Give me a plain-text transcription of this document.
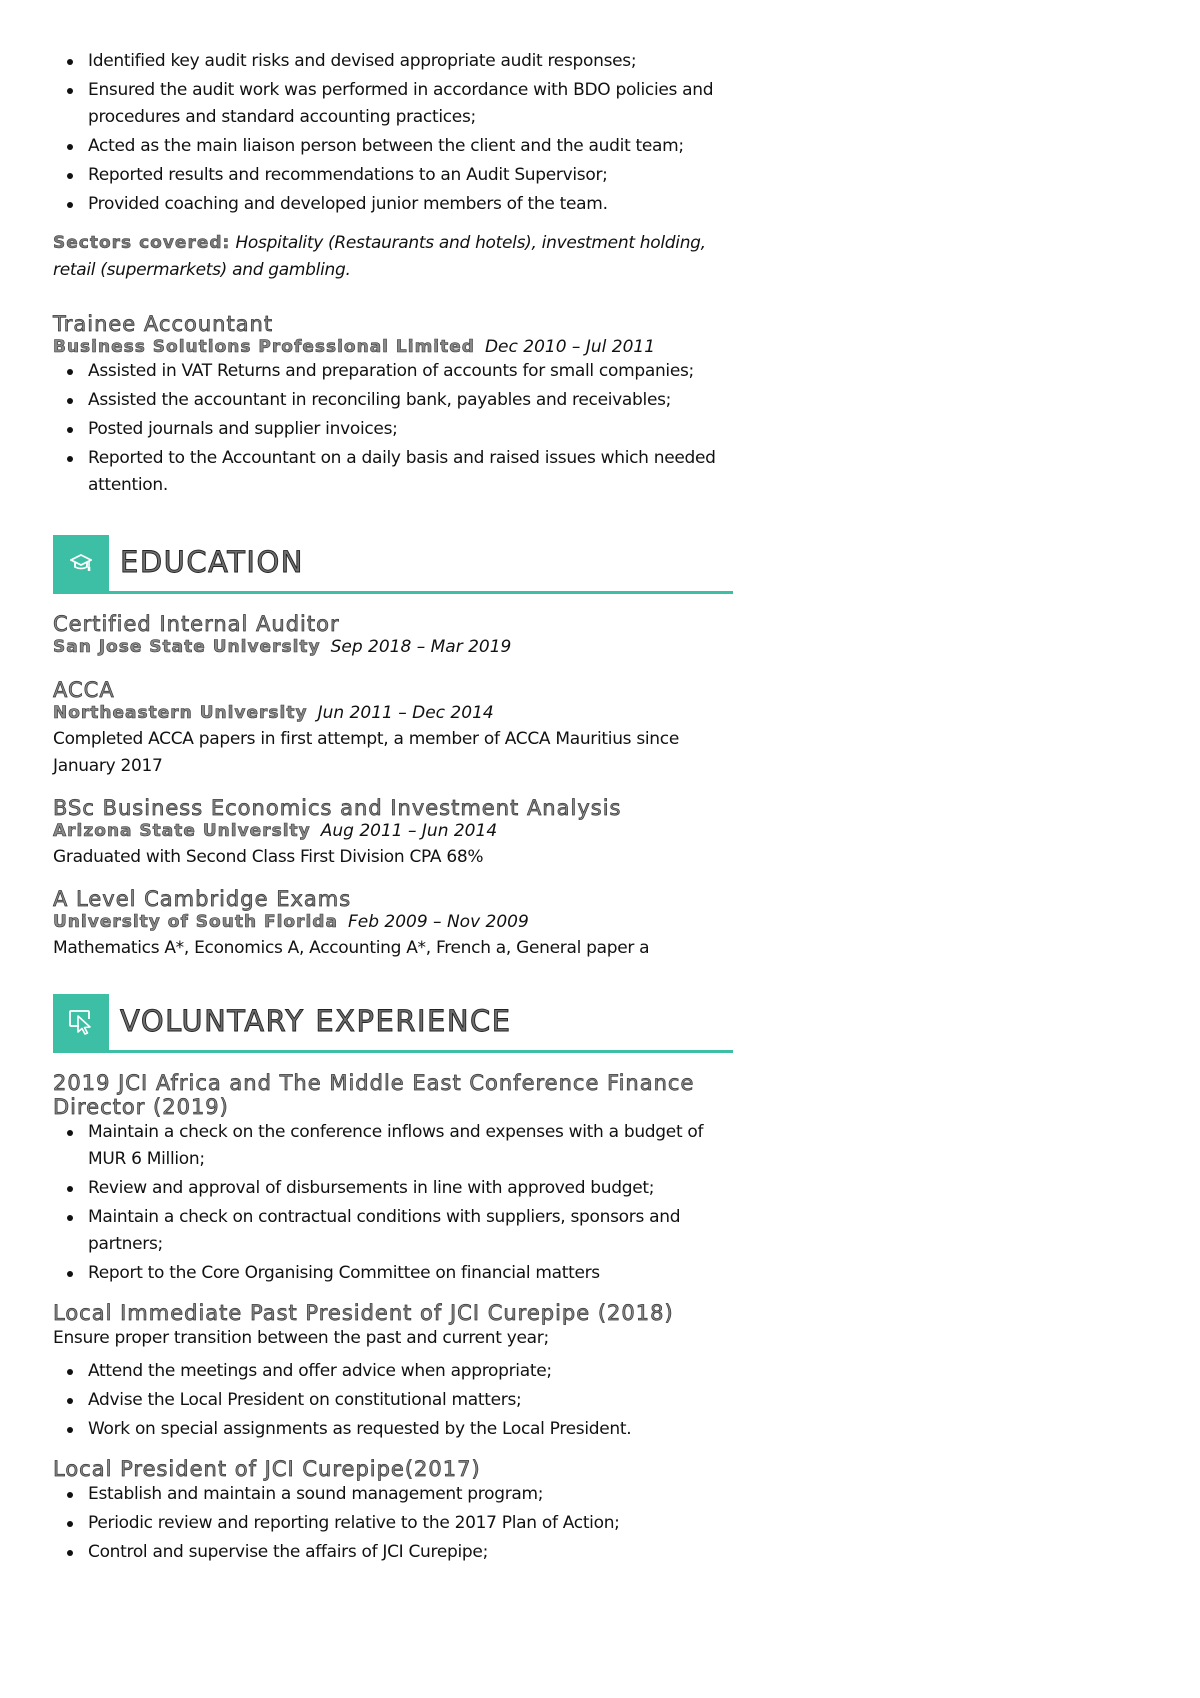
Identified key audit risks and devised appropriate audit responses;
Ensured the audit work was performed in accordance with BDO policies and procedures and standard accounting practices;
Acted as the main liaison person between the client and the audit team;
Reported results and recommendations to an Audit Supervisor;
Provided coaching and developed junior members of the team.
Sectors covered: Hospitality (Restaurants and hotels), investment holding, retail (supermarkets) and gambling.
Trainee Accountant
Business Solutions Professional Limited Dec 2010 – Jul 2011
Assisted in VAT Returns and preparation of accounts for small companies;
Assisted the accountant in reconciling bank, payables and receivables;
Posted journals and supplier invoices;
Reported to the Accountant on a daily basis and raised issues which needed attention.
EDUCATION
Certified Internal Auditor
San Jose State University Sep 2018 – Mar 2019
ACCA
Northeastern University Jun 2011 – Dec 2014
Completed ACCA papers in first attempt, a member of ACCA Mauritius since January 2017
BSc Business Economics and Investment Analysis
Arizona State University Aug 2011 – Jun 2014
Graduated with Second Class First Division CPA 68%
A Level Cambridge Exams
University of South Florida Feb 2009 – Nov 2009
Mathematics A*, Economics A, Accounting A*, French a, General paper a
VOLUNTARY EXPERIENCE
2019 JCI Africa and The Middle East Conference Finance Director (2019)
Maintain a check on the conference inflows and expenses with a budget of MUR 6 Million;
Review and approval of disbursements in line with approved budget;
Maintain a check on contractual conditions with suppliers, sponsors and partners;
Report to the Core Organising Committee on financial matters
Local Immediate Past President of JCI Curepipe (2018)
Ensure proper transition between the past and current year;
Attend the meetings and offer advice when appropriate;
Advise the Local President on constitutional matters;
Work on special assignments as requested by the Local President.
Local President of JCI Curepipe(2017)
Establish and maintain a sound management program;
Periodic review and reporting relative to the 2017 Plan of Action;
Control and supervise the affairs of JCI Curepipe;
